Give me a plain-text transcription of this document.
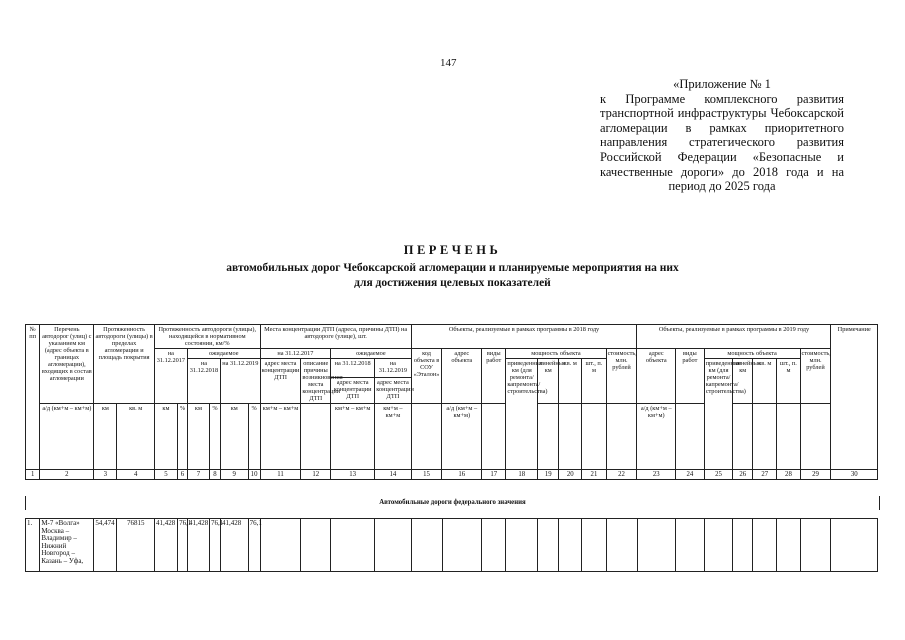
147
«Приложение № 1
к Программе комплексного развития транспортной инфраструктуры Чебоксарской агломерации в рамках приоритетного направления стратегического развития Российской Федерации «Безопасные и качественные дороги» до 2018 года и на период до 2025 года
ПЕРЕЧЕНЬ
автомобильных дорог Чебоксарской агломерации и планируемые мероприятия на них
для достижения целевых показателей
№ пп	Перечень автодорог (улиц) с указанием км (адрес объекта в границах агломерации), входящих в состав агломерации	Протяженность автодороги (улицы) в пределах агломерации и площадь покрытия		Протяженность автодороги (улицы), находящейся в нормативном состоянии, км/%						Места концентрации ДТП (адреса, причины ДТП) на автодороге (улице), шт.				Объекты, реализуемые в рамках программы в 2018 году								Объекты, реализуемые в рамках программы в 2019 году							Примечание
				на 31.12.2017		ожидаемое				на 31.12.2017		ожидаемое		код объекта в СОУ «Эталон»	адрес объекта	виды работ	мощность объекта				стоимость, млн. рублей	адрес объекта	виды работ	мощность объекта				стоимость, млн. рублей	
						на 31.12.2018		на 31.12.2019		адрес места концентрации ДТП	описание причины возникновения места концентрации ДТП	на 31.12.2018	на 31.12.2019				приведенные км (для ремонта/капремонта/строительства)	линейные км	кв. м	шт., п. м				приведенные км (для ремонта/капремонта/строительства)	линейные км	кв. м	шт., п. м		
												адрес места концентрации ДТП	адрес места концентрации ДТП																
	а/д (км+м – км+м)	км	кв. м	км	%	км	%	км	%	км+м – км+м		км+м – км+м	км+м – км+м		а/д (км+м – км+м)							а/д (км+м – км+м)							
1	2	3	4	5	6	7	8	9	10	11	12	13	14	15	16	17	18	19	20	21	22	23	24	25	26	27	28	29	30
Автомобильные дороги федерального значения
1.	М-7 «Волга» Москва – Владимир – Нижний Новгород – Казань – Уфа,	54,474	76815	41,428	76,1	41,428	76,1	41,428	76,1																				
